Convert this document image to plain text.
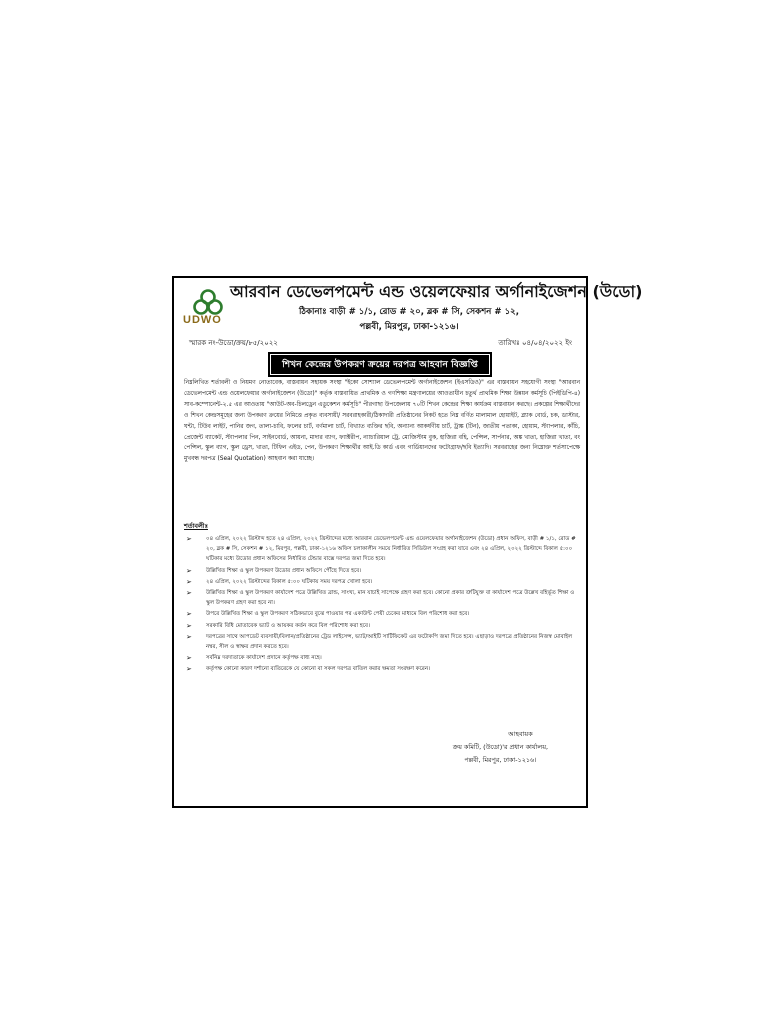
UDWO
আরবান ডেভেলপমেন্ট এন্ড ওয়েলফেয়ার অর্গানাইজেশন (উডো)
ঠিকানাঃ বাড়ী # ১/১, রোড # ২০, ব্লক # সি, সেকশন # ১২,
পল্লবী, মিরপুর, ঢাকা-১২১৬।
স্মারক নং-উডো/ক্রয়/৮৫/২০২২	তারিখঃ ০৪/০৪/২০২২ ইং
শিখন কেন্দ্রের উপকরণ ক্রয়ের দরপত্র আহবান বিজ্ঞপ্তি
নিম্নলিখিত শর্তাবলী ও নিয়মণ নোতাবেক, বাস্তবায়ন সহায়ক সংস্থা "ইকো সোশ্যাল ডেভেলপমেন্ট অর্গানাইজেশন (ইএসডিও)" এর বাস্তবায়ন সহযোগী সংস্থা "আরবান ডেভেলপমেন্ট এন্ড ওয়েলফেয়ার অর্গানাইজেশন (উডো)" কর্তৃক বাস্তবায়িত প্রাথমিক ও গণশিক্ষা মন্ত্রণালয়ের আওতাধীন চতুর্থ প্রাথমিক শিক্ষা উন্নয়ন কর্মসূচি (পিইডিপি-৪) সাব-কম্পোনেন্ট-২.৫ এর আওতায় "আউট-অব-চিলড্রেন এডুকেশন কর্মসূচি" পীরগাছা উপজেলায় ৭০টি শিখন কেন্দ্রের শিক্ষা কার্যক্রম বাস্তবায়ন করছে। প্রকল্পের শিক্ষার্থীদের ও শিখন কেন্দ্রসমূহের জন্য উপকরণ ক্রয়ের নিমিত্তে প্রকৃত ব্যবসায়ী/ সরবরাহকারী/ঠিকাদারী প্রতিষ্ঠানের নিকট হতে নিম্ন বর্ণিত মালামাল হোয়াইট, ব্ল্যাক বোর্ড, চক, ডাস্টার, ঘন্টা, টিউব লাইট, পানির জগ, তালা-চাবি, ফলের চার্ট, বর্ণমালা চার্ট, বিখ্যাত ব্যক্তির ছবি, অন্যান্য আকর্ষণীয় চার্ট, ট্রাঙ্ক (টিন), জাতীয় পতাকা, হোয়াম, স্ট্যাপলার, কাঁচি, প্রেজেন্ট ব্যাকেট, স্ট্যাপলার পিন, সাইনবোর্ড, আয়না, মাদার ব্যাগ, ফ্যাক্টরীপ, ন্যাচারিয়াল ট্রে, ম্যেজিস্টাম বুক, হাজিরা বহি, পেন্সিল, সার্পনার, অঙ্ক খাতা, হাজিরা খাতা, বং পেন্সিল, স্কুল ব্যাগ, স্কুল ড্রেস, খাতা, টিফিন এইড, পেন, উপকরণ শিক্ষার্থীর আই.ডি কার্ড এবং গার্ডিয়ানদের ফটোগ্রাফ/ছবি ইত্যাদি। সরবরাহের জন্য নিম্নোক্ত শর্তসাপেক্ষে মুখবন্ধ দরপত্র (Seal Quotation) আহবান করা যাচ্ছে।
শর্তাবলীঃ
➢	০৪ এপ্রিল, ২০২২ খ্রিস্টাব্দ হতে ২৪ এপ্রিল, ২০২২ খ্রিস্টাব্দের মধ্যে আরবান ডেভেলপমেন্ট এন্ড ওয়েলফেয়ার অর্গানাইজেশন (উডো) প্রধান অফিস, বাড়ী # ১/১, রোড # ২০, ব্লক # সি, সেকশন # ১২, মিরপুর, পল্লবী, ঢাকা-১২১৬ অফিস চলাকালীন সময়ে নির্ধারিত সিডিউল সংগ্রহ করা যাবে এবং ২৪ এপ্রিল, ২০২২ খ্রিস্টাব্দে বিকাল ৫:০০ ঘটিকার মধ্যে উডোর প্রধান অফিসের নির্ধারিত টেন্ডার বাক্সে দরপত্র জমা দিতে হবে।
➢	উল্লিখিত শিক্ষা ও স্কুল উপকরণ উডোর প্রধান অফিসে পৌঁছে দিতে হবে।
➢	২৪ এপ্রিল, ২০২২ খ্রিস্টাব্দের বিকাল ৫:০০ ঘটিকায় সময় দরপত্র খোলা হবে।
➢	উল্লিখিত শিক্ষা ও স্কুল উপকরণ কার্যাদেশ পত্রে উল্লিখিত ব্রান্ড, সাংখ্য, মান যাচাই সাপেক্ষে গ্রহণ করা হবে। কোনো প্রকার ত্রুটিযুক্ত বা কার্যাদেশ পত্রে উল্লেখ বহির্ভূত শিক্ষা ও স্কুল উপকরণ গ্রহণ করা হবে না।
➢	উপরে উল্লিখিত শিক্ষা ও স্কুল উপকরণ সঠিকভাবে বুঝে পাওয়ার পর একাউন্ট পেয়ী চেকের মাধ্যমে বিল পরিশোধ করা হবে।
➢	সরকারি বিধি মোতাবেক ভ্যাট ও আয়কর কর্তন করে বিল পরিশোধ করা হবে।
➢	দরপত্রের সাথে আপডেট ব্যবসায়ী/বিলান/প্রতিষ্ঠানের ট্রেড লাইসেন্স, ভ্যাট/আইটি সার্টিফিকেট এর ফটোকপি জমা দিতে হবে। এছাড়াও দরপত্রে প্রতিষ্ঠানের নিজস্ব মোবাইল নম্বর, সীল ও স্বাক্ষর প্রদান করতে হবে।
➢	সর্বনিম্ন দরদাতাকে কার্যাদেশ প্রদানে কর্তৃপক্ষ বাধ্য নহে।
➢	কর্তৃপক্ষ কোনো কারণ দর্শানো ব্যতিরেকে যে কোনো বা সকল দরপত্র বাতিল করার ক্ষমতা সংরক্ষণ করেন।
আহবায়ক
ক্রয় কমিটি, (উডো)'র প্রধান কার্যালয়,
পল্লবী, মিরপুর, ঢাকা-১২১৬।
